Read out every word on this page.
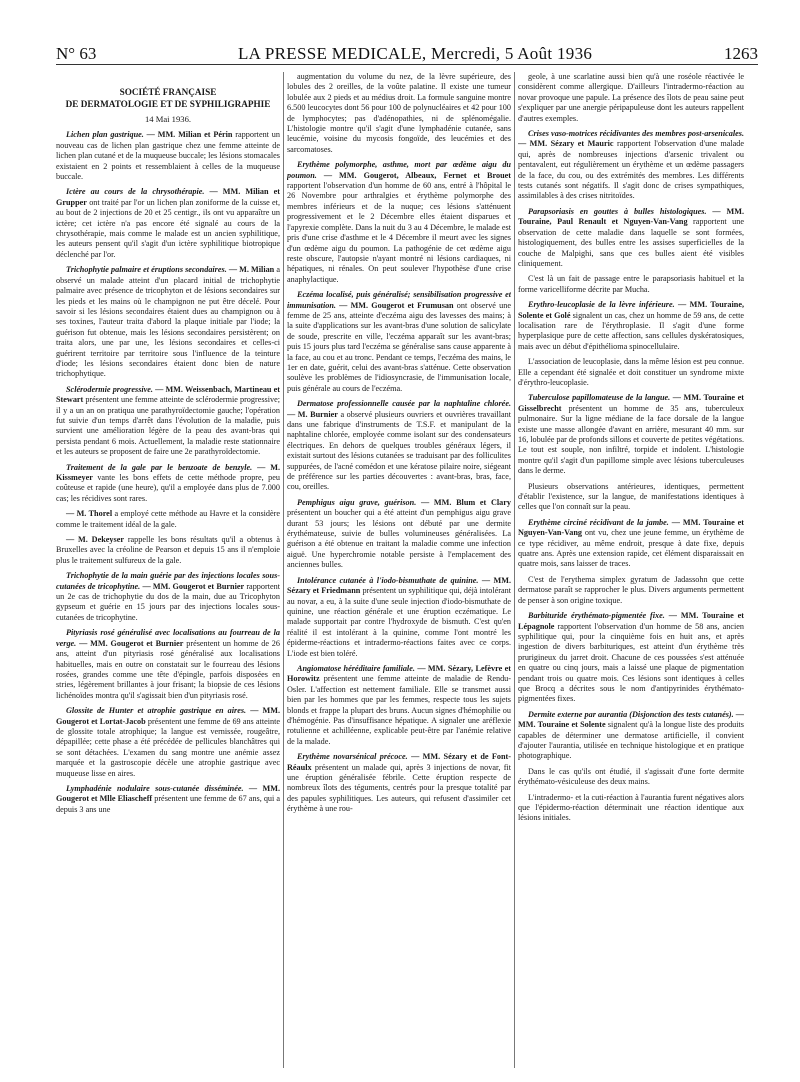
N° 63	LA PRESSE MEDICALE, Mercredi, 5 Août 1936	1263
SOCIÉTÉ FRANÇAISE
DE DERMATOLOGIE ET DE SYPHILIGRAPHIE
14 Mai 1936.

Lichen plan gastrique. — MM. Milian et Périn rapportent un nouveau cas de lichen plan gastrique chez une femme atteinte de lichen plan cutané et de la muqueuse buccale; les lésions stomacales existaient en 2 points et ressemblaient à celles de la muqueuse buccale.

Ictère au cours de la chrysothérapie. — MM. Milian et Grupper ont traité par l'or un lichen plan zoniforme de la cuisse et, au bout de 2 injections de 20 et 25 centigr., ils ont vu apparaître un ictère; cet ictère n'a pas encore été signalé au cours de la chrysothérapie, mais comme le malade est un ancien syphilitique, les auteurs pensent qu'il s'agit d'un ictère syphilitique biotropique déclenché par l'or.

Trichophytie palmaire et éruptions secondaires. — M. Milian a observé un malade atteint d'un placard initial de trichophytie palmaire avec présence de tricophyton et de lésions secondaires sur les pieds et les mains où le champignon ne put être décelé. Pour savoir si les lésions secondaires étaient dues au champignon ou à ses toxines, l'auteur traita d'abord la plaque initiale par l'iode; la guérison fut obtenue, mais les lésions secondaires persistèrent; on traita alors, une par une, les lésions secondaires et celles-ci guérirent territoire par territoire sous l'influence de la teinture d'iode; les lésions secondaires étaient donc bien de nature trichophytique.

Sclérodermie progressive. — MM. Weissenbach, Martineau et Stewart présentent une femme atteinte de sclérodermie progressive; il y a un an on pratiqua une parathyroïdectomie gauche; l'opération fut suivie d'un temps d'arrêt dans l'évolution de la maladie, puis survient une amélioration légère de la peau des avant-bras qui persista pendant 6 mois. Actuellement, la maladie reste stationnaire et les auteurs se proposent de faire une 2e parathyroïdectomie.

Traitement de la gale par le benzoate de benzyle. — M. Kissmeyer vante les bons effets de cette méthode propre, peu coûteuse et rapide (une heure), qu'il a employée dans plus de 7.000 cas; les récidives sont rares.

— M. Thorel a employé cette méthode au Havre et la considère comme le traitement idéal de la gale.

— M. Dekeyser rappelle les bons résultats qu'il a obtenus à Bruxelles avec la créoline de Pearson et depuis 15 ans il n'emploie plus le traitement sulfureux de la gale.

Trichophytie de la main guérie par des injections locales sous-cutanées de tricophytine. — MM. Gougerot et Burnier rapportent un 2e cas de trichophytie du dos de la main, due au Tricophyton gypseum et guérie en 15 jours par des injections locales sous-cutanées de tricophytine.

Pityriasis rosé généralisé avec localisations au fourreau de la verge. — MM. Gougerot et Burnier présentent un homme de 26 ans, atteint d'un pityriasis rosé généralisé aux localisations habituelles, mais en outre on constatait sur le fourreau des lésions rosées, grandes comme une tête d'épingle, parfois disposées en stries, légèrement brillantes à jour frisant; la biopsie de ces lésions lichénoïdes montra qu'il s'agissait bien d'un pityriasis rosé.

Glossite de Hunter et atrophie gastrique en aires. — MM. Gougerot et Lortat-Jacob présentent une femme de 69 ans atteinte de glossite totale atrophique; la langue est vernissée, rougeâtre, dépapillée; cette phase a été précédée de pellicules blanchâtres qui se sont détachées. L'examen du sang montre une anémie assez marquée et la gastroscopie décèle une atrophie gastrique avec muqueuse lisse en aires.

Lymphadénie nodulaire sous-cutanée disséminée. — MM. Gougerot et Mlle Eliascheff présentent une femme de 67 ans, qui a depuis 3 ans une

augmentation du volume du nez, de la lèvre supérieure, des lobules des 2 oreilles, de la voûte palatine. Il existe une tumeur lobulée aux 2 pieds et au médius droit. La formule sanguine montre 6.500 leucocytes dont 56 pour 100 de polynucléaires et 42 pour 100 de lymphocytes; pas d'adénopathies, ni de splénomégalie. L'histologie montre qu'il s'agit d'une lymphadénie cutanée, sans leucémie, voisine du mycosis fongoïde, des leucémies et des sarcomatoses.

Erythème polymorphe, asthme, mort par œdème aigu du poumon. — MM. Gougerot, Albeaux, Fernet et Brouet rapportent l'observation d'un homme de 60 ans, entré à l'hôpital le 26 Novembre pour arthralgies et érythème polymorphe des membres inférieurs et de la nuque; ces lésions s'atténuent progressivement et le 2 Décembre elles étaient disparues et l'apyrexie complète. Dans la nuit du 3 au 4 Décembre, le malade est pris d'une crise d'asthme et le 4 Décembre il meurt avec les signes d'un œdème aigu du poumon. La pathogénie de cet œdème aigu reste obscure, l'autopsie n'ayant montré ni lésions cardiaques, ni hépatiques, ni rénales. On peut soulever l'hypothèse d'une crise anaphylactique.

Eczéma localisé, puis généralisé; sensibilisation progressive et immunisation. — MM. Gougerot et Frumusan ont observé une femme de 25 ans, atteinte d'eczéma aigu des lavesses des mains; à la suite d'applications sur les avant-bras d'une solution de salicylate de soude, prescrite en ville, l'eczéma apparaît sur les avant-bras; puis 15 jours plus tard l'eczéma se généralise sans cause apparente à la face, au cou et au tronc. Pendant ce temps, l'eczéma des mains, le 1er en date, guérit, celui des avant-bras s'atténue. Cette observation soulève les problèmes de l'idiosyncrasie, de l'immunisation locale, puis générale au cours de l'eczéma.

Dermatose professionnelle causée par la naphtaline chlorée. — M. Burnier a observé plusieurs ouvriers et ouvrières travaillant dans une fabrique d'instruments de T.S.F. et manipulant de la naphtaline chlorée, employée comme isolant sur des condensateurs électriques. En dehors de quelques troubles généraux légers, il existait surtout des lésions cutanées se traduisant par des folliculites suppurées, de l'acné comédon et une kératose pilaire noire, siégeant de préférence sur les parties découvertes : avant-bras, bras, face, cou, oreilles.

Pemphigus aigu grave, guérison. — MM. Blum et Clary présentent un boucher qui a été atteint d'un pemphigus aigu grave durant 53 jours; les lésions ont débuté par une dermite érythémateuse, suivie de bulles volumineuses généralisées. La guérison a été obtenue en traitant la maladie comme une infection aiguë. Une hyperchromie notable persiste à l'emplacement des anciennes bulles.

Intolérance cutanée à l'iodo-bismuthate de quinine. — MM. Sézary et Friedmann présentent un syphilitique qui, déjà intolérant au novar, a eu, à la suite d'une seule injection d'iodo-bismuthate de quinine, une réaction générale et une éruption eczématique. Le malade supportait par contre l'hydroxyde de bismuth. C'est qu'en réalité il est intolérant à la quinine, comme l'ont montré les épiderme-réactions et intradermo-réactions faites avec ce corps. L'iode est bien toléré.

Angiomatose héréditaire familiale. — MM. Sézary, Lefèvre et Horowitz présentent une femme atteinte de maladie de Rendu-Osler. L'affection est nettement familiale. Elle se transmet aussi bien par les hommes que par les femmes, respecte tous les sujets blonds et frappe la plupart des bruns. Aucun signes d'hémophilie ou d'hémogénie. Pas d'insuffisance hépatique. A signaler une aréflexie rotulienne et achilléenne, explicable peut-être par l'anémie relative de la malade.

Erythème novarsénical précoce. — MM. Sézary et de Font-Réaulx présentent un malade qui, après 3 injections de novar, fit une éruption généralisée fébrile. Cette éruption respecte de nombreux îlots des téguments, centrés pour la presque totalité par des papules syphilitiques. Les auteurs, qui refusent d'assimiler cet érythème à une rou-

geole, à une scarlatine aussi bien qu'à une roséole réactivée le considèrent comme allergique. D'ailleurs l'intradermo-réaction au novar provoque une papule. La présence des îlots de peau saine peut s'expliquer par une anergie péripapuleuse dont les auteurs rappellent d'autres exemples.

Crises vaso-motrices récidivantes des membres post-arsenicales. — MM. Sézary et Mauric rapportent l'observation d'une malade qui, après de nombreuses injections d'arsenic trivalent ou pentavalent, eut régulièrement un érythème et un œdème passagers de la face, du cou, ou des extrémités des membres. Les différents tests cutanés sont négatifs. Il s'agit donc de crises sympathiques, assimilables à des crises nitritoïdes.

Parapsoriasis en gouttes à bulles histologiques. — MM. Touraine, Paul Renault et Nguyen-Van-Vang rapportent une observation de cette maladie dans laquelle se sont formées, histologiquement, des bulles entre les assises superficielles de la couche de Malpighi, sans que ces bulles aient été visibles cliniquement.

C'est là un fait de passage entre le parapsoriasis habituel et la forme varicelliforme décrite par Mucha.

Erythro-leucoplasie de la lèvre inférieure. — MM. Touraine, Solente et Golé signalent un cas, chez un homme de 59 ans, de cette localisation rare de l'érythroplasie. Il s'agit d'une forme hyperplasique pure de cette affection, sans cellules dyskératosiques, mais avec un début d'épithélioma spinocellulaire.

L'association de leucoplasie, dans la même lésion est peu connue. Elle a cependant été signalée et doit constituer un syndrome mixte d'érythro-leucoplasie.

Tuberculose papillomateuse de la langue. — MM. Touraine et Gisselbrecht présentent un homme de 35 ans, tuberculeux pulmonaire. Sur la ligne médiane de la face dorsale de la langue existe une masse allongée d'avant en arrière, mesurant 40 mm. sur 16, lobulée par de profonds sillons et couverte de petites végétations. Le tout est souple, non infiltré, torpide et indolent. L'histologie montre qu'il s'agit d'un papillome simple avec lésions tuberculeuses dans le derme.

Plusieurs observations antérieures, identiques, permettent d'établir l'existence, sur la langue, de manifestations identiques à celles que l'on connaît sur la peau.

Erythème circiné récidivant de la jambe. — MM. Touraine et Nguyen-Van-Vang ont vu, chez une jeune femme, un érythème de ce type récidiver, au même endroit, presque à date fixe, depuis quatre ans. Après une extension rapide, cet élément disparaissait en quatre mois, sans laisser de traces.

C'est de l'erythema simplex gyratum de Jadassohn que cette dermatose paraît se rapprocher le plus. Divers arguments permettent de penser à son origine toxique.

Barbituride érythémato-pigmentée fixe. — MM. Touraine et Lépagnole rapportent l'observation d'un homme de 58 ans, ancien syphilitique qui, pour la cinquième fois en huit ans, et après ingestion de divers barbituriques, est atteint d'un érythème très prurigineux du jarret droit. Chacune de ces poussées s'est atténuée en quatre ou cinq jours, mais a laissé une plaque de pigmentation pendant trois ou quatre mois. Ces lésions sont identiques à celles que Brocq a décrites sous le nom d'antipyrinides érythémato-pigmentées fixes.

Dermite externe par aurantia (Disjonction des tests cutanés). — MM. Touraine et Solente signalent qu'à la longue liste des produits capables de déterminer une dermatose artificielle, il convient d'ajouter l'aurantia, utilisée en technique histologique et en pratique photographique.

Dans le cas qu'ils ont étudié, il s'agissait d'une forte dermite érythémato-vésiculeuse des deux mains.

L'intradermo- et la cuti-réaction à l'aurantia furent négatives alors que l'épidermo-réaction déterminait une réaction identique aux lésions initiales.
